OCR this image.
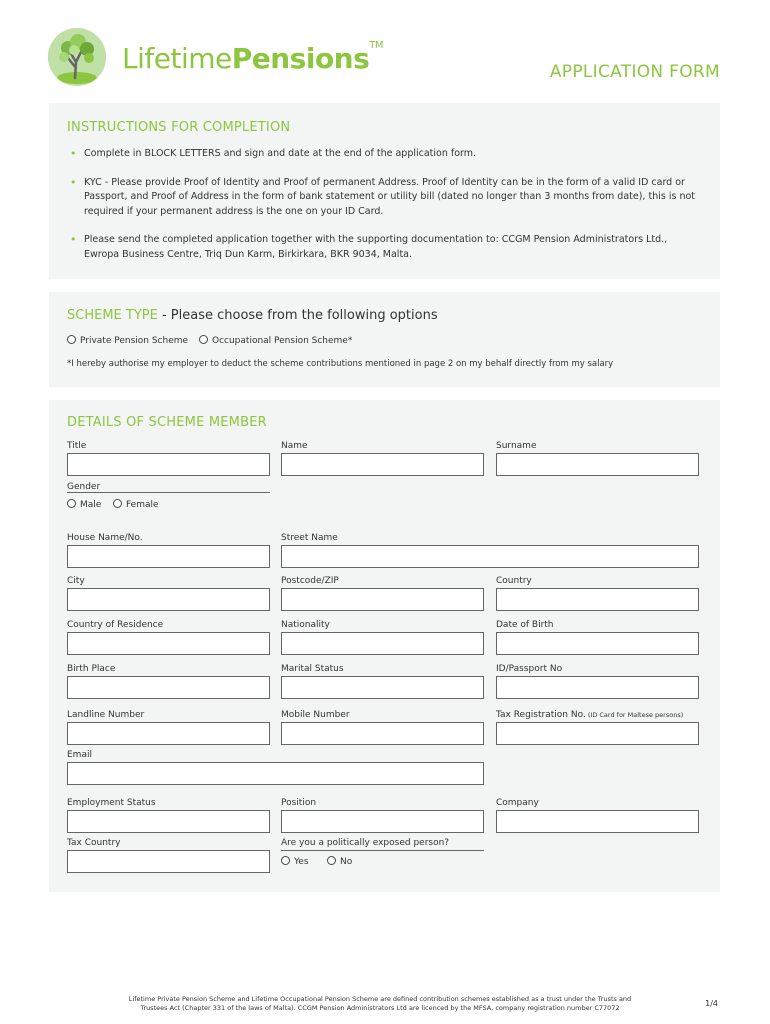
LifetimePensions™
APPLICATION FORM
INSTRUCTIONS FOR COMPLETION
• Complete in BLOCK LETTERS and sign and date at the end of the application form.
• KYC - Please provide Proof of Identity and Proof of permanent Address. Proof of Identity can be in the form of a valid ID card or Passport, and Proof of Address in the form of bank statement or utility bill (dated no longer than 3 months from date), this is not required if your permanent address is the one on your ID Card.
• Please send the completed application together with the supporting documentation to: CCGM Pension Administrators Ltd., Ewropa Business Centre, Triq Dun Karm, Birkirkara, BKR 9034, Malta.
SCHEME TYPE - Please choose from the following options
Private Pension Scheme	Occupational Pension Scheme*
*I hereby authorise my employer to deduct the scheme contributions mentioned in page 2 on my behalf directly from my salary
DETAILS OF SCHEME MEMBER
Title	Name	Surname
Gender
Male	Female
House Name/No.	Street Name
City	Postcode/ZIP	Country
Country of Residence	Nationality	Date of Birth
Birth Place	Marital Status	ID/Passport No
Landline Number	Mobile Number	Tax Registration No. (ID Card for Maltese persons)
Email
Employment Status	Position	Company
Tax Country	Are you a politically exposed person?
Yes	No
Lifetime Private Pension Scheme and Lifetime Occupational Pension Scheme are defined contribution schemes established as a trust under the Trusts and
Trustees Act (Chapter 331 of the laws of Malta). CCGM Pension Administrators Ltd are licenced by the MFSA, company registration number C77072	1/4
